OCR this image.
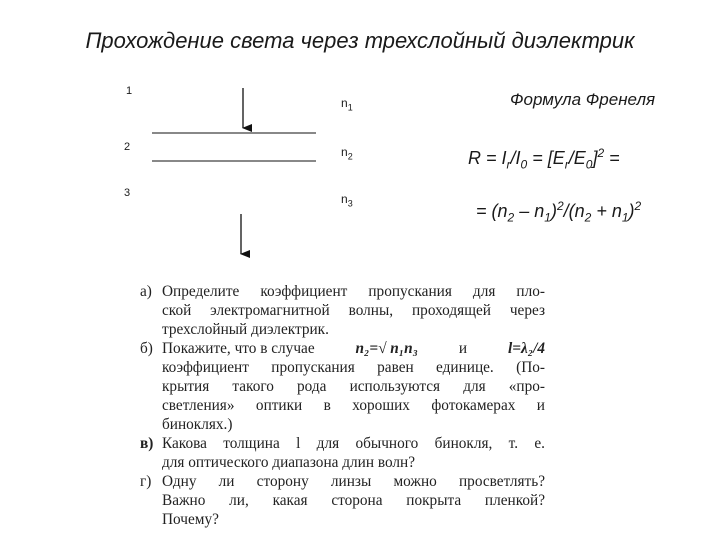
Прохождение света через трехслойный диэлектрик
1
2
3
$n_1$
$n_2$
$n_3$
Формула Френеля
$R = I_r/I_0 = [E_r/E_0]^2$ =
= $(n_2 - n_1)^2/(n_2 + n_1)^2$
а) Определите коэффициент пропускания для пло-
ской электромагнитной волны, проходящей через
трехслойный диэлектрик.
б) Покажите, что в случае	n₂=√ n₁n₃	и	l=λ₂/4
коэффициент пропускания равен единице. (По-
крытия такого рода используются для «про-
светления» оптики в хороших фотокамерах и
биноклях.)
в) Какова толщина l для обычного бинокля, т. е.
для оптического диапазона длин волн?
г) Одну ли сторону линзы можно просветлять?
Важно ли, какая сторона покрыта пленкой?
Почему?
